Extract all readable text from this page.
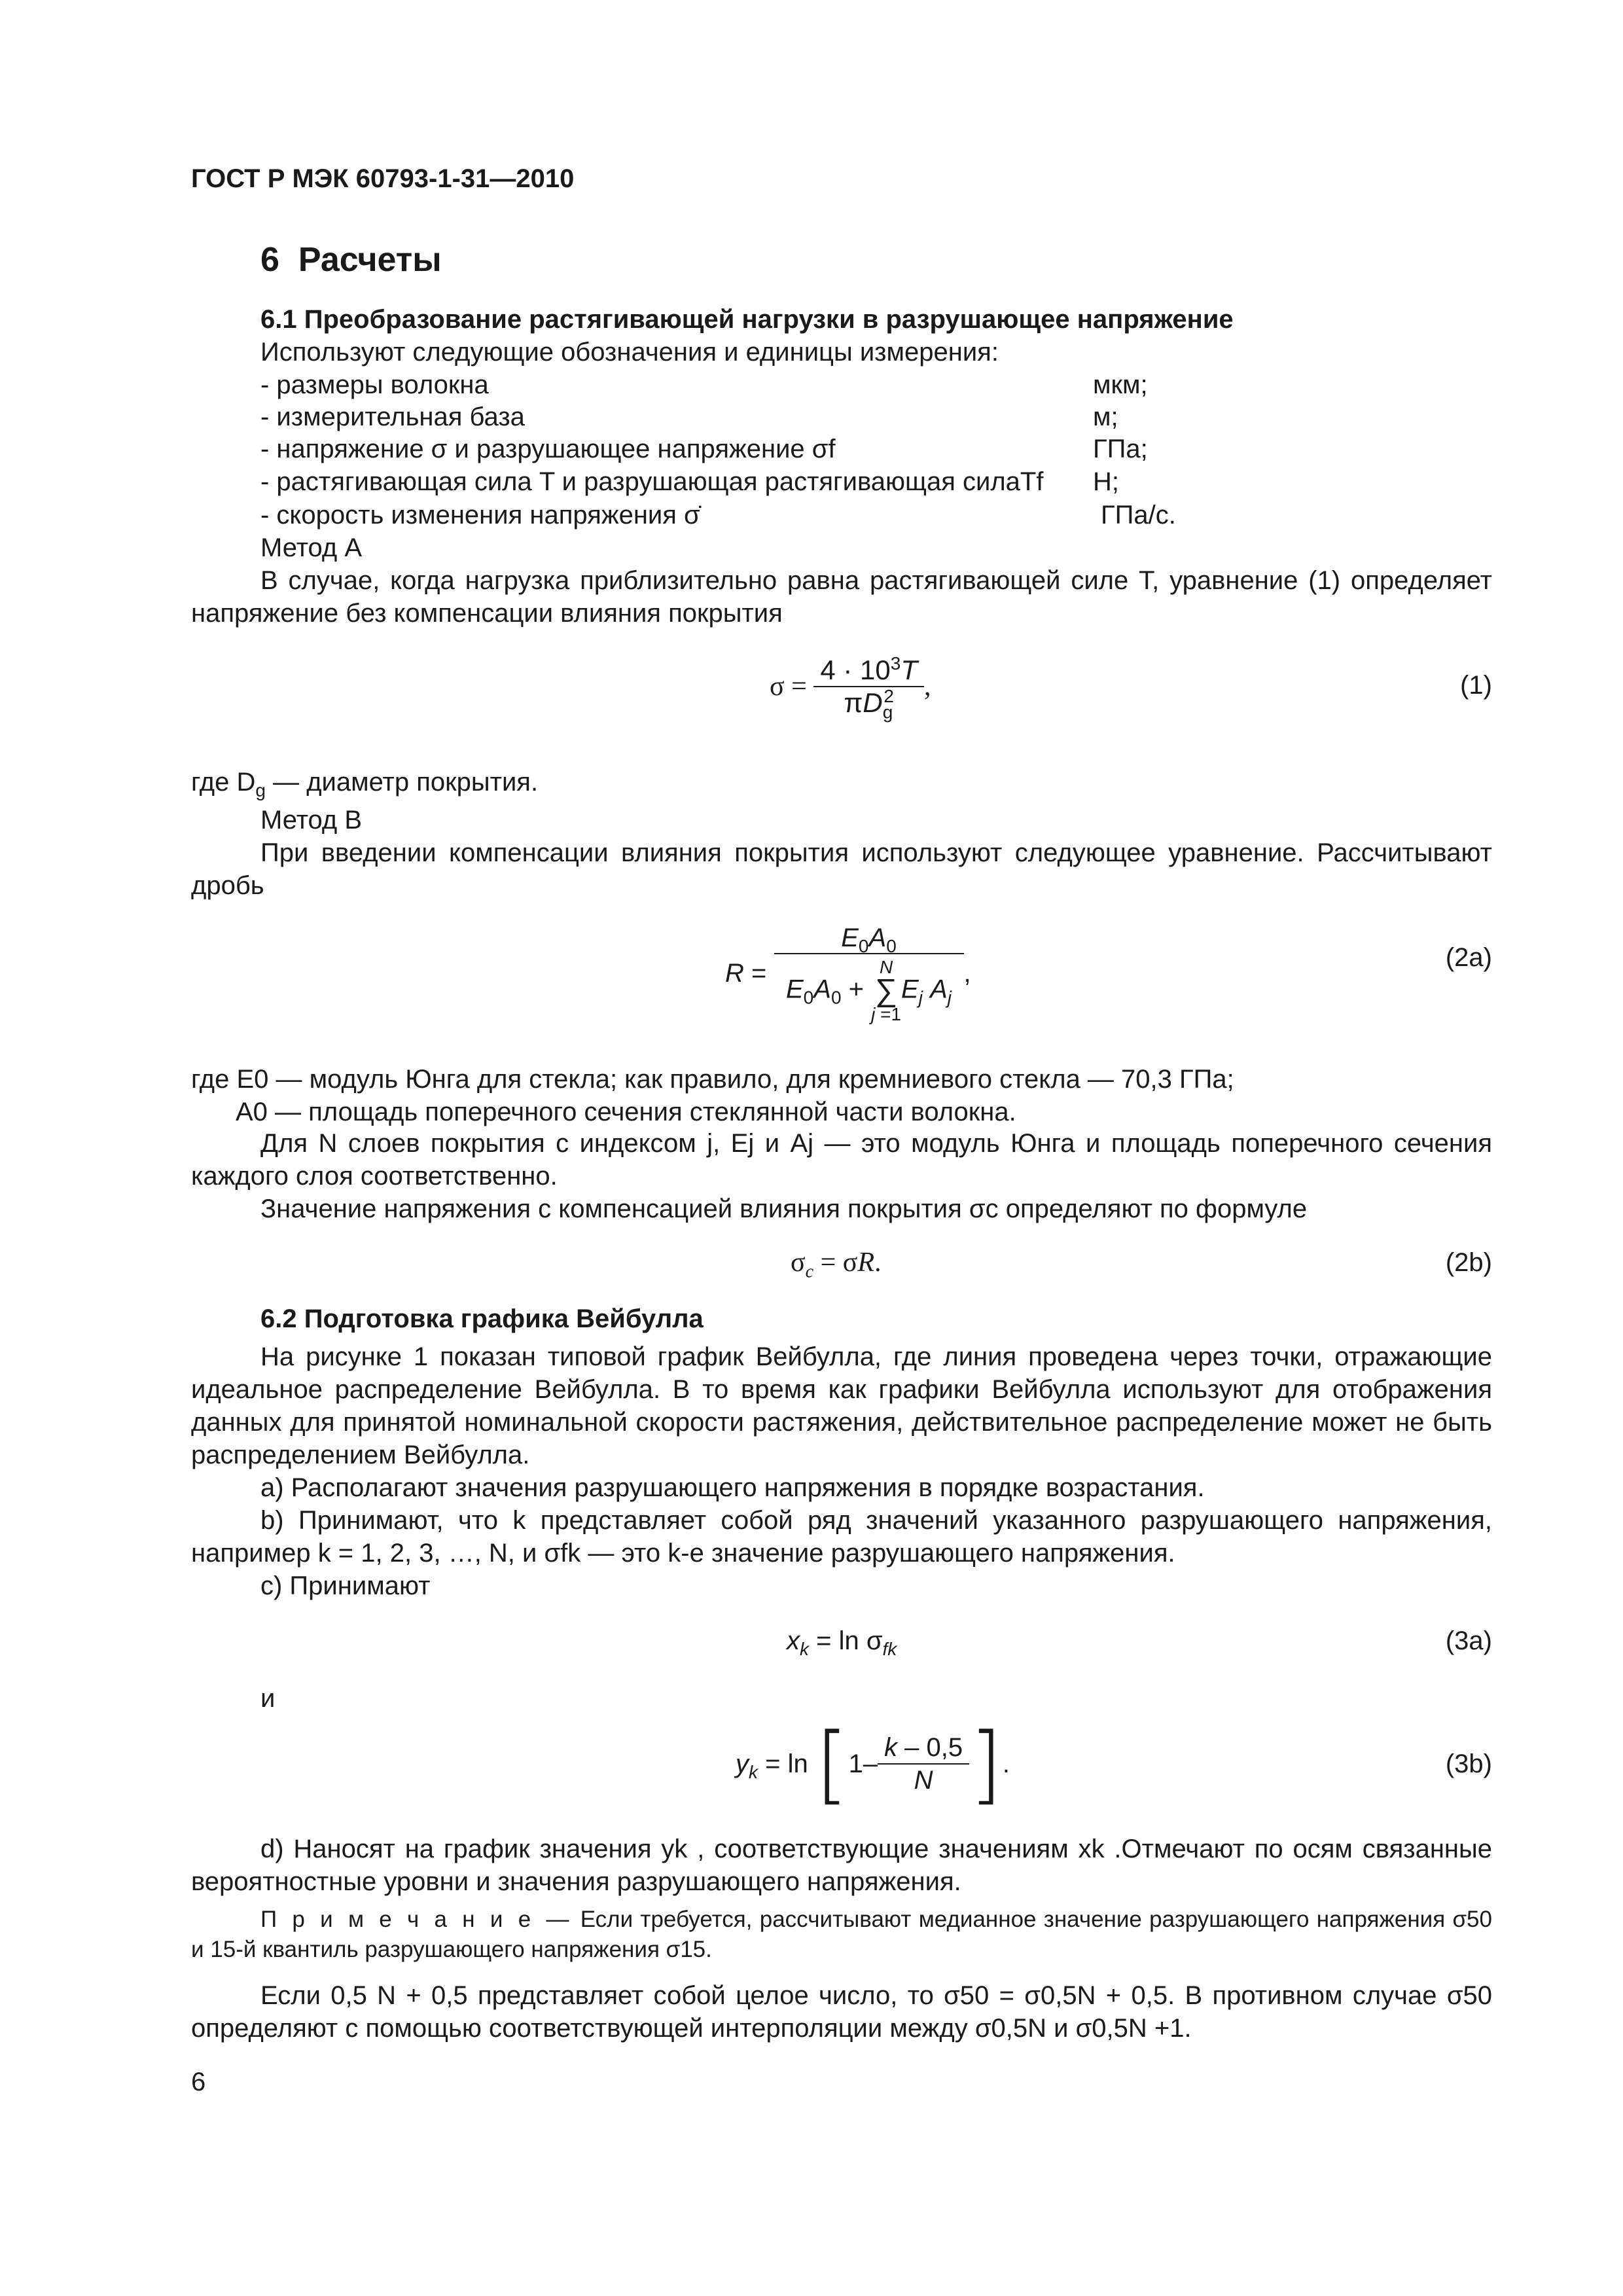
ГОСТ Р МЭК 60793-1-31—2010
6 Расчеты
6.1 Преобразование растягивающей нагрузки в разрушающее напряжение
Используют следующие обозначения и единицы измерения:
- размеры волокна	мкм;
- измерительная база	м;
- напряжение σ и разрушающее напряжение σf	ГПа;
- растягивающая сила T и разрушающая растягивающая силаTf Н;
- скорость изменения напряжения σ̇	ГПа/с.
Метод А
В случае, когда нагрузка приблизительно равна растягивающей силе T, уравнение (1) определяет напряжение без компенсации влияния покрытия
$\sigma = \frac{4 \cdot 10^3T}{\pi D_g^2}$ ,	(1)
где $D_g$ — диаметр покрытия.
Метод В
При введении компенсации влияния покрытия используют следующее уравнение. Рассчитывают дробь
$R = E_0A_0$
$E_0A_0 + N$
∑
$j =1E_j$ $A_j$ ,
(2a)
где E0 — модуль Юнга для стекла; как правило, для кремниевого стекла — 70,3 ГПа;
A0 — площадь поперечного сечения стеклянной части волокна.
Для N слоев покрытия с индексом j, Ej и Aj — это модуль Юнга и площадь поперечного сечения каждого слоя соответственно.
Значение напряжения с компенсацией влияния покрытия σc определяют по формуле
$\sigma_c = \sigma R$.	(2b)
6.2 Подготовка графика Вейбулла
На рисунке 1 показан типовой график Вейбулла, где линия проведена через точки, отражающие идеальное распределение Вейбулла. В то время как графики Вейбулла используют для отображения данных для принятой номинальной скорости растяжения, действительное распределение может не быть распределением Вейбулла.
a) Располагают значения разрушающего напряжения в порядке возрастания.
b) Принимают, что k представляет собой ряд значений указанного разрушающего напряжения, например k = 1, 2, 3, …, N, и σfk — это k-е значение разрушающего напряжения.
c) Принимают
$x_k = \ln \sigma_{fk}$	(3a)
и
$y_k = \ln [1- \frac{k - 0,5}{N}$ ].	(3b)
d) Наносят на график значения yk , соответствующие значениям xk .Отмечают по осям связанные вероятностные уровни и значения разрушающего напряжения.
П р и м е ч а н и е — Если требуется, рассчитывают медианное значение разрушающего напряжения σ50 и 15-й квантиль разрушающего напряжения σ15.
Если 0,5 N + 0,5 представляет собой целое число, то σ50 = σ0,5N + 0,5. В противном случае σ50 определяют с помощью соответствующей интерполяции между σ0,5N и σ0,5N +1.
6
